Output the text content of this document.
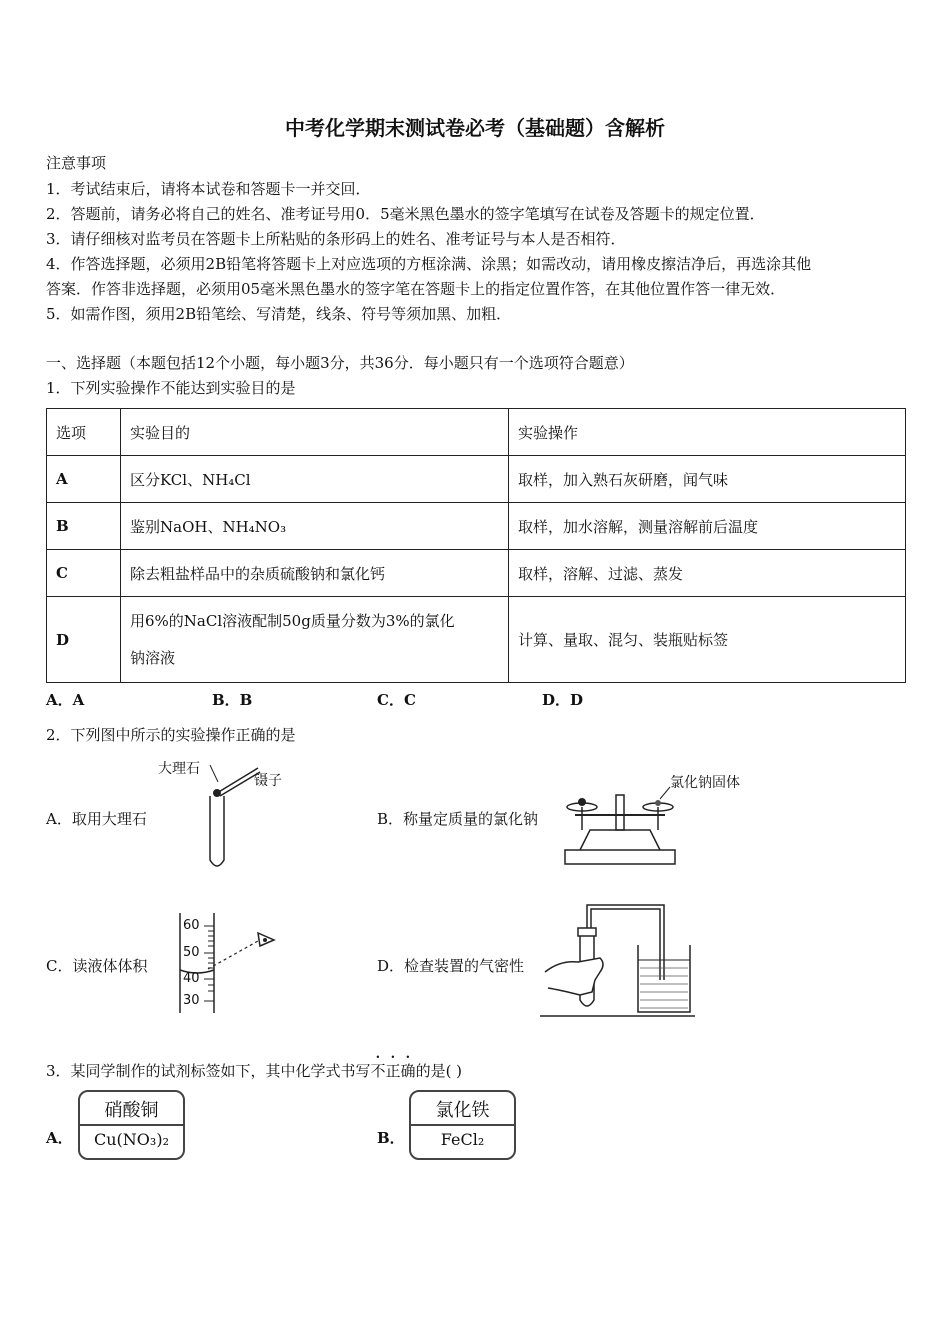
中考化学期末测试卷必考（基础题）含解析
注意事项
1．考试结束后，请将本试卷和答题卡一并交回．
2．答题前，请务必将自己的姓名、准考证号用0．5毫米黑色墨水的签字笔填写在试卷及答题卡的规定位置．
3．请仔细核对监考员在答题卡上所粘贴的条形码上的姓名、准考证号与本人是否相符．
4．作答选择题，必须用2B铅笔将答题卡上对应选项的方框涂满、涂黑；如需改动，请用橡皮擦洁净后，再选涂其他
答案．作答非选择题，必须用05毫米黑色墨水的签字笔在答题卡上的指定位置作答，在其他位置作答一律无效．
5．如需作图，须用2B铅笔绘、写清楚，线条、符号等须加黑、加粗．
一、选择题（本题包括12个小题，每小题3分，共36分．每小题只有一个选项符合题意）
1．下列实验操作不能达到实验目的是
选项	实验目的	实验操作
A	区分KCl、NH₄Cl	取样，加入熟石灰研磨，闻气味
B	鉴别NaOH、NH₄NO₃	取样，加水溶解，测量溶解前后温度
C	除去粗盐样品中的杂质硫酸钠和氯化钙	取样，溶解、过滤、蒸发
D	用6%的NaCl溶液配制50g质量分数为3%的氯化
钠溶液	计算、量取、混匀、装瓶贴标签
A．A	B．B	C．C	D．D
2．下列图中所示的实验操作正确的是
A．取用大理石
大理石
镊子
B．称量定质量的氯化钠
氯化钠固体
C．读液体体积
60
50
40
30
D．检查装置的气密性
3．某同学制作的试剂标签如下，其中化学式书写不正确的是( )
A．
硝酸铜
Cu(NO₃)₂	B．
氯化铁
FeCl₂
